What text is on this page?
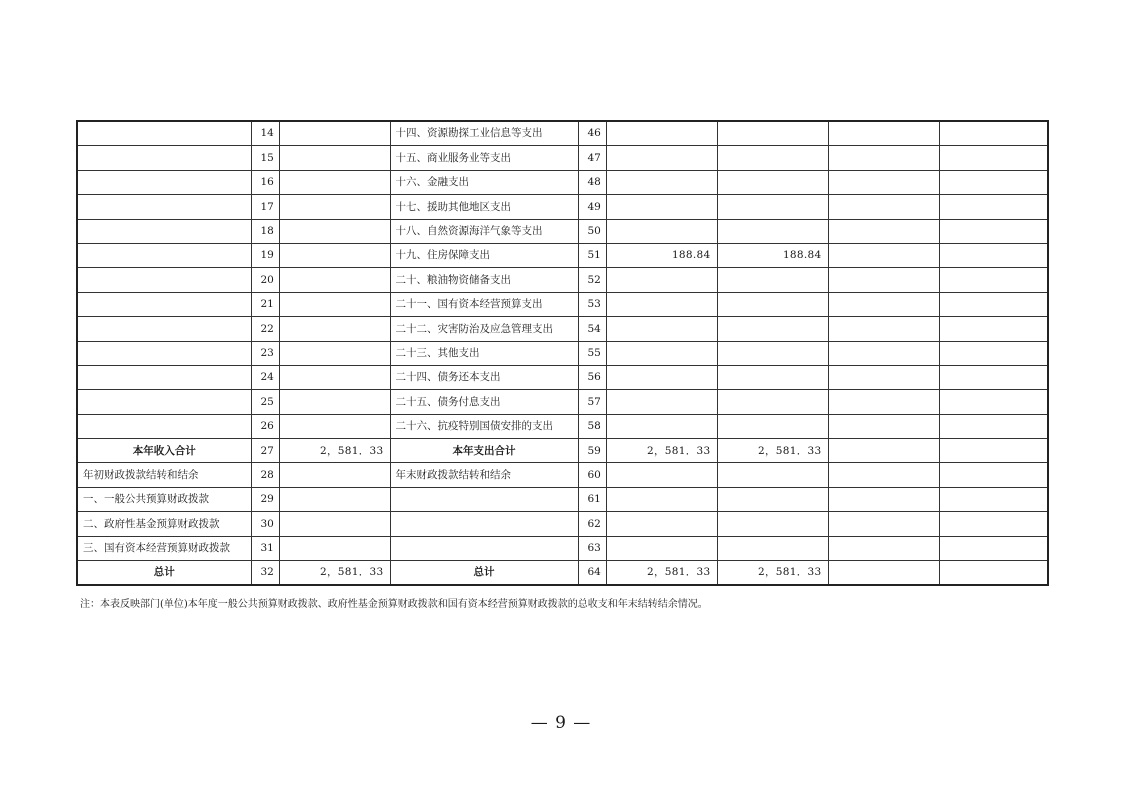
	14		十四、资源勘探工业信息等支出	46				
	15		十五、商业服务业等支出	47				
	16		十六、金融支出	48				
	17		十七、援助其他地区支出	49				
	18		十八、自然资源海洋气象等支出	50				
	19		十九、住房保障支出	51	188.84	188.84		
	20		二十、粮油物资储备支出	52				
	21		二十一、国有资本经营预算支出	53				
	22		二十二、灾害防治及应急管理支出	54				
	23		二十三、其他支出	55				
	24		二十四、债务还本支出	56				
	25		二十五、债务付息支出	57				
	26		二十六、抗疫特别国债安排的支出	58				
本年收入合计	27	2，581．33	本年支出合计	59	2，581．33	2，581．33		
年初财政拨款结转和结余	28		年末财政拨款结转和结余	60				
一、一般公共预算财政拨款	29			61				
二、政府性基金预算财政拨款	30			62				
三、国有资本经营预算财政拨款	31			63				
总计	32	2，581．33	总计	64	2，581．33	2，581．33		
注：本表反映部门(单位)本年度一般公共预算财政拨款、政府性基金预算财政拨款和国有资本经营预算财政拨款的总收支和年末结转结余情况。
— 9 —
